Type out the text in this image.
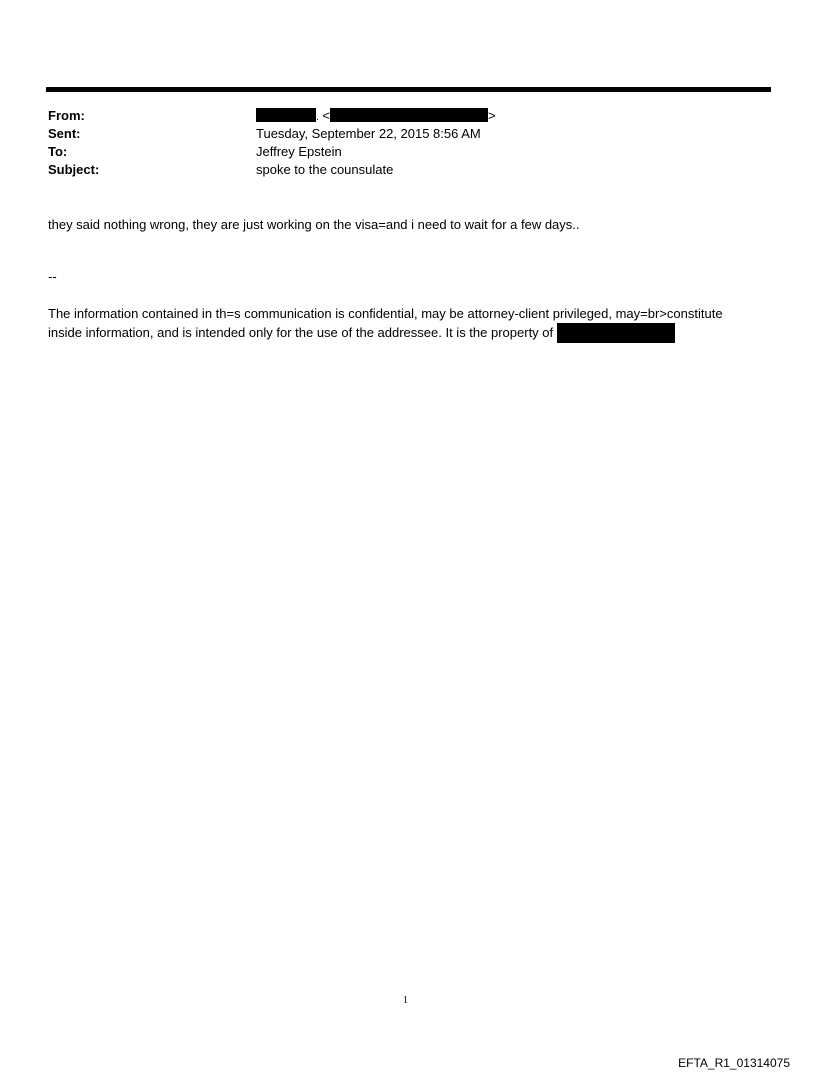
From:	. <	>
Sent:	Tuesday, September 22, 2015 8:56 AM
To:	Jeffrey Epstein
Subject:	spoke to the counsulate
they said nothing wrong, they are just working on the visa=and i need to wait for a few days..
--
The information contained in th=s communication is confidential, may be attorney-client privileged, may=br>constitute
inside information, and is intended only for the use of the addressee. It is the property of
1
EFTA_R1_01314075
